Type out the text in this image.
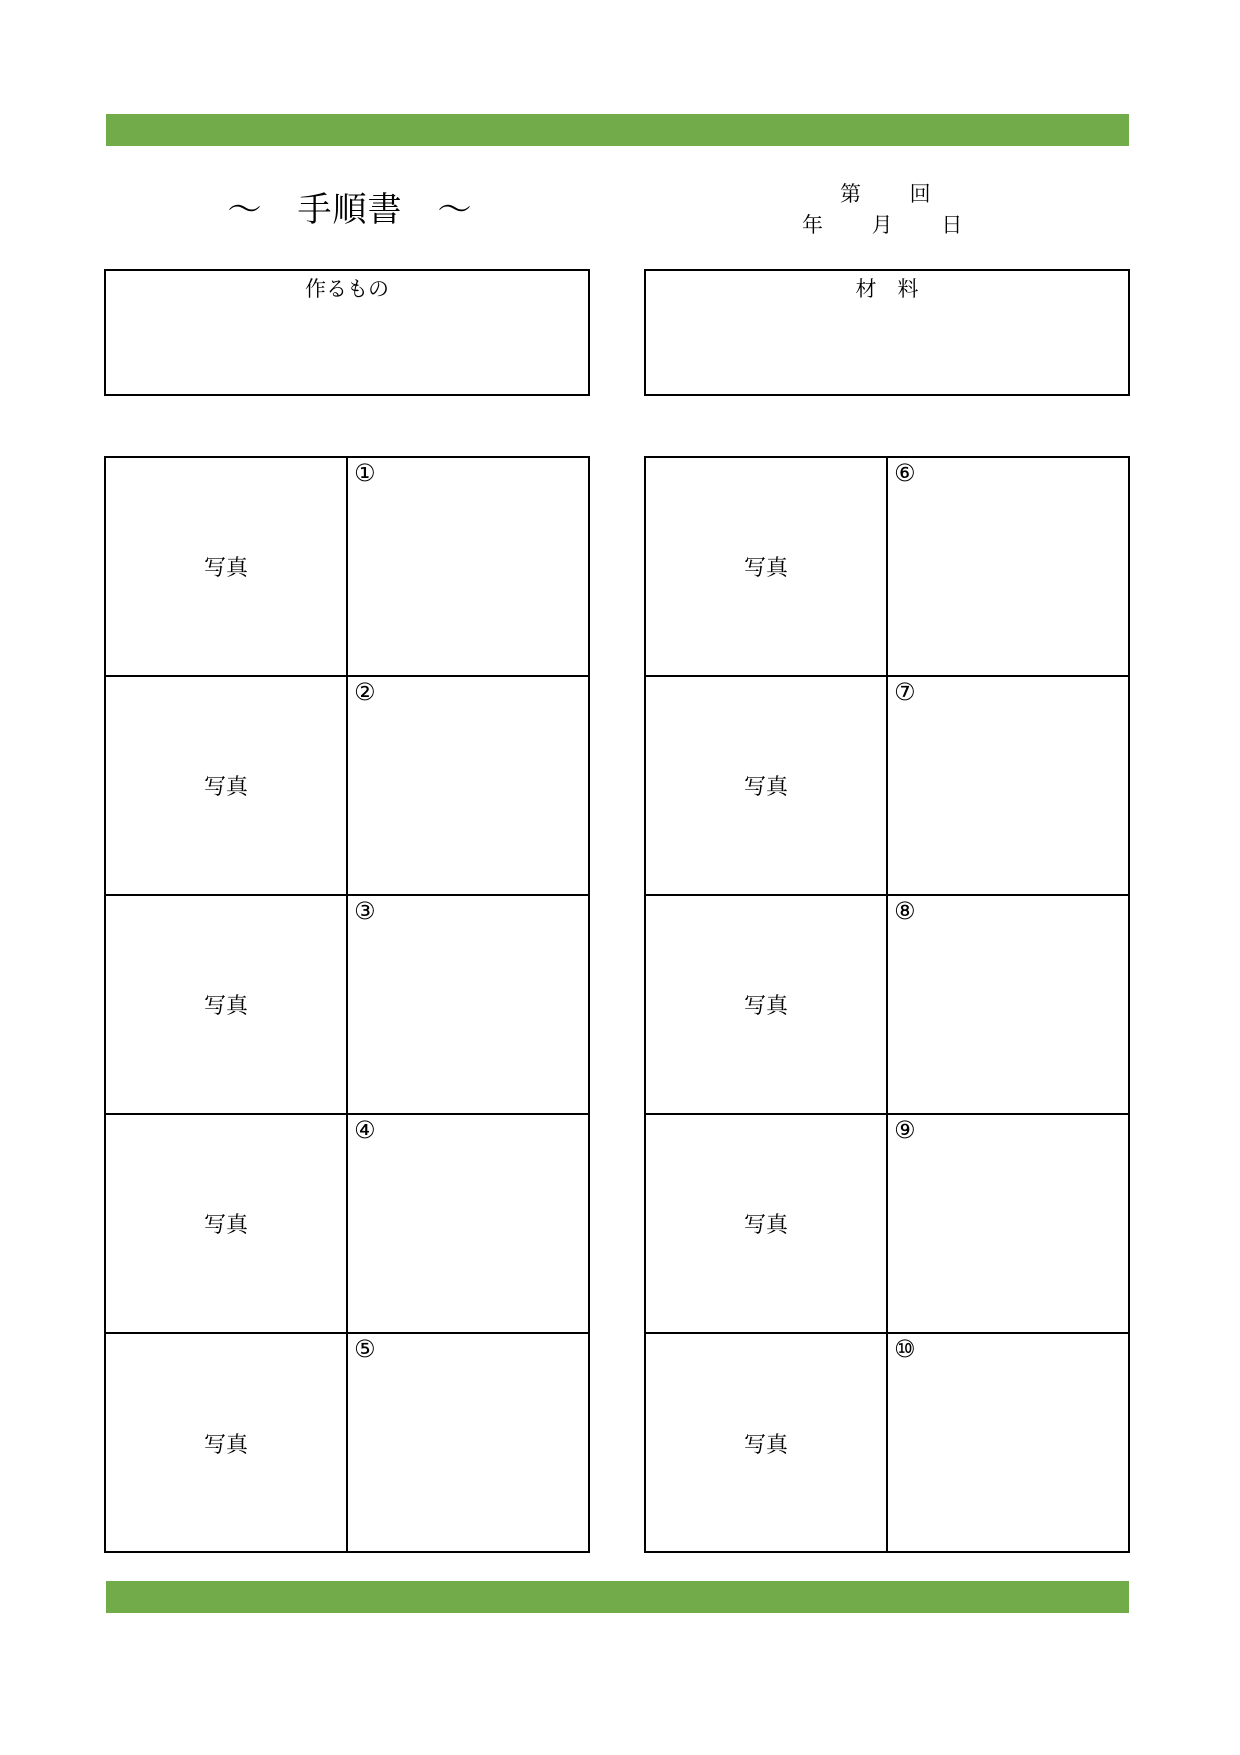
～　手順書　～	第　　 回
年　　 月　　 日
作るもの	材　料
写真
①
写真
②
写真
③
写真
④
写真
⑤
写真
⑥
写真
⑦
写真
⑧
写真
⑨
写真
⑩
